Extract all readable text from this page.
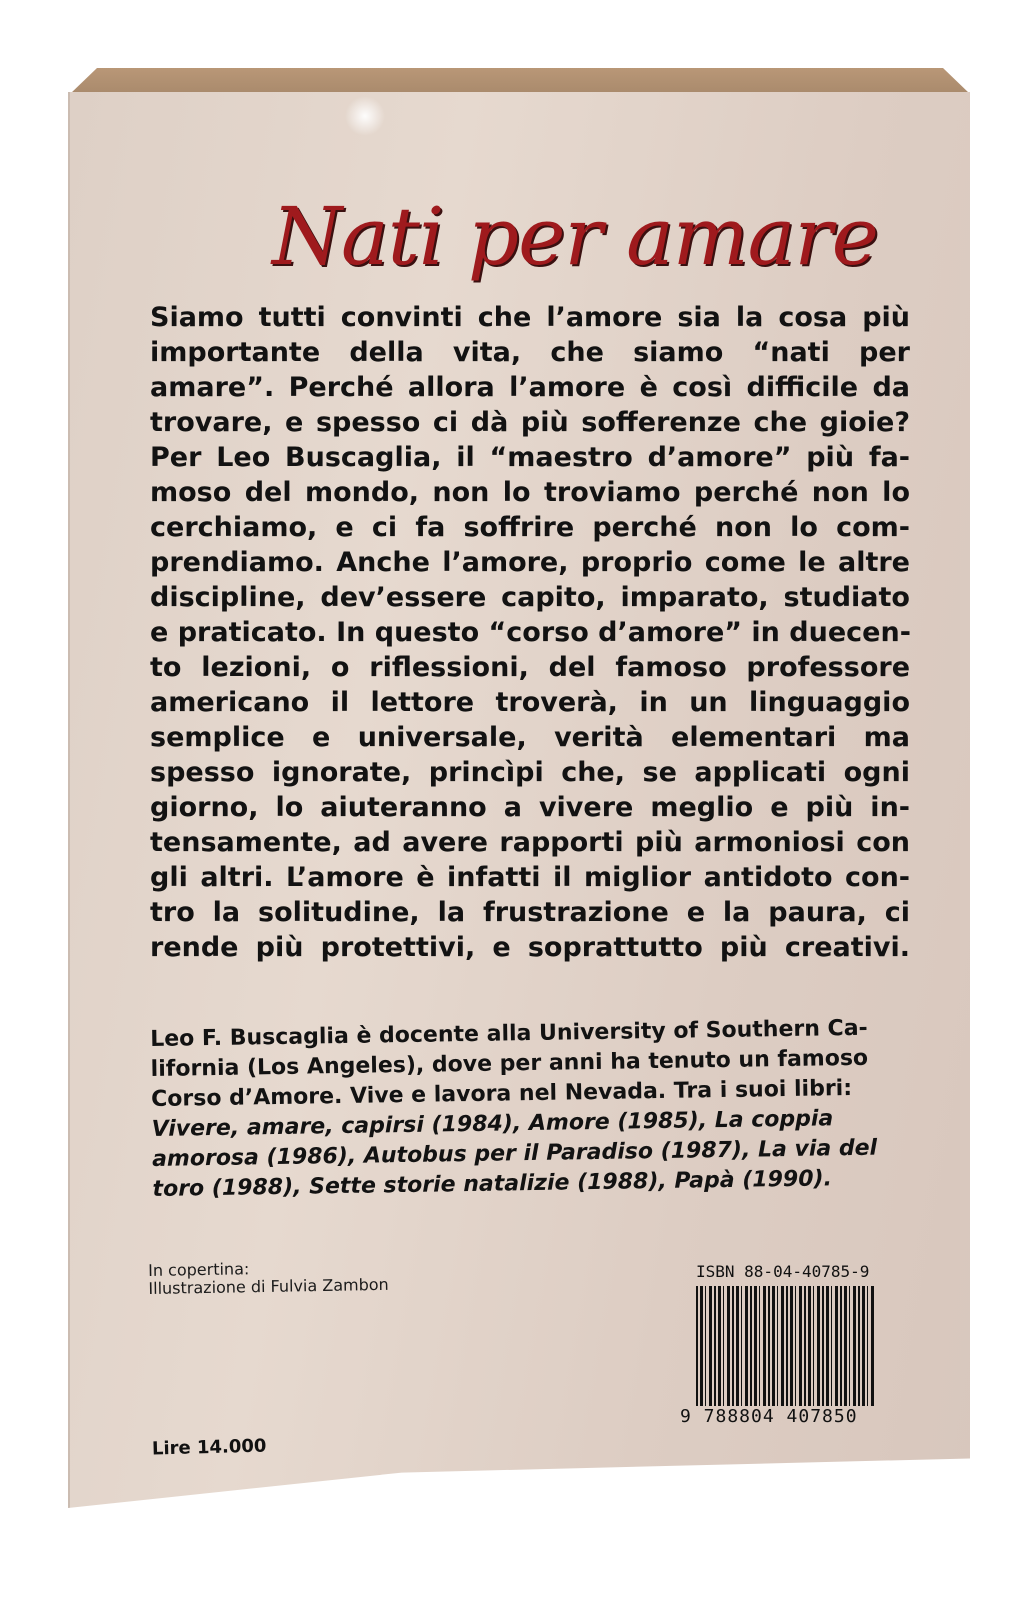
Nati per amare
Siamo tutti convinti che l’amore sia la cosa più
importante della vita, che siamo “nati per
amare”. Perché allora l’amore è così difficile da
trovare, e spesso ci dà più sofferenze che gioie?
Per Leo Buscaglia, il “maestro d’amore” più fa-
moso del mondo, non lo troviamo perché non lo
cerchiamo, e ci fa soffrire perché non lo com-
prendiamo. Anche l’amore, proprio come le altre
discipline, dev’essere capito, imparato, studiato
e praticato. In questo “corso d’amore” in duecen-
to lezioni, o riflessioni, del famoso professore
americano il lettore troverà, in un linguaggio
semplice e universale, verità elementari ma
spesso ignorate, princìpi che, se applicati ogni
giorno, lo aiuteranno a vivere meglio e più in-
tensamente, ad avere rapporti più armoniosi con
gli altri. L’amore è infatti il miglior antidoto con-
tro la solitudine, la frustrazione e la paura, ci
rende più protettivi, e soprattutto più creativi.
Leo F. Buscaglia è docente alla University of Southern Ca-
lifornia (Los Angeles), dove per anni ha tenuto un famoso
Corso d’Amore. Vive e lavora nel Nevada. Tra i suoi libri:
Vivere, amare, capirsi (1984), Amore (1985), La coppia
amorosa (1986), Autobus per il Paradiso (1987), La via del
toro (1988), Sette storie natalizie (1988), Papà (1990).
In copertina:
Illustrazione di Fulvia Zambon
ISBN 88-04-40785-9
9 788804 407850
Lire 14.000
